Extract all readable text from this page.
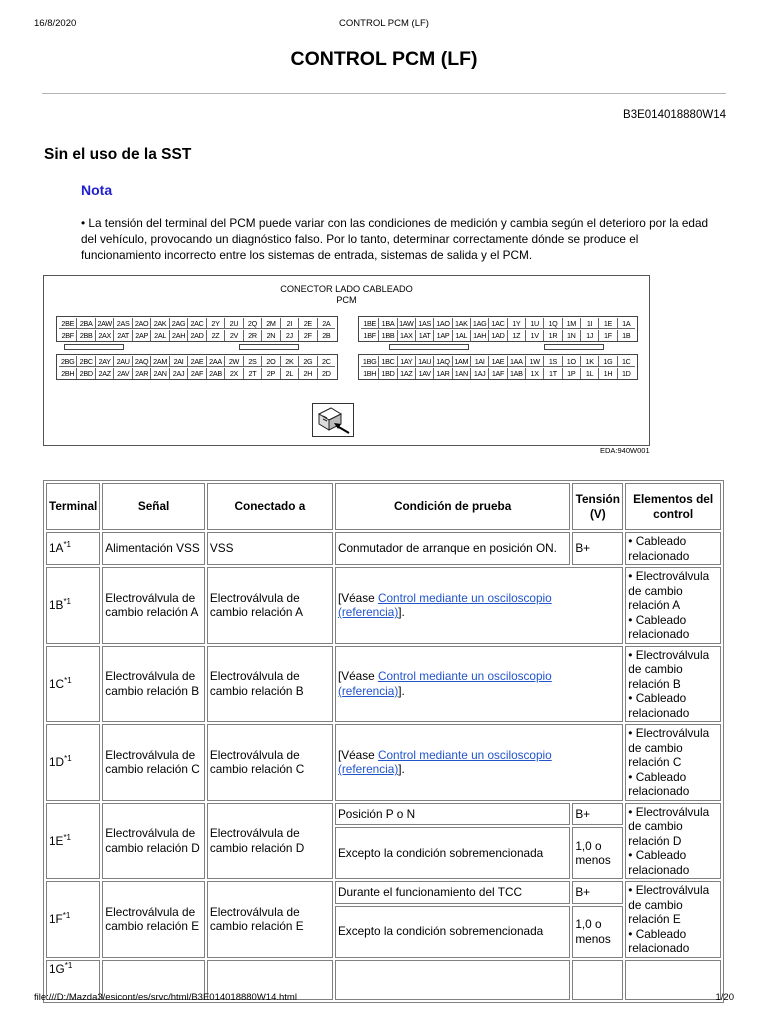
16/8/2020	CONTROL PCM (LF)
CONTROL PCM (LF)
B3E014018880W14
Sin el uso de la SST
Nota

• La tensión del terminal del PCM puede variar con las condiciones de medición y cambia según el deterioro por la edad del vehículo, provocando un diagnóstico falso. Por lo tanto, determinar correctamente dónde se produce el funcionamiento incorrecto entre los sistemas de entrada, sistemas de salida y el PCM.

CONECTOR LADO CABLEADO
PCM
2BE 2BA 2AW 2AS 2AO 2AK 2AG 2AC	2Y	2U	2Q	2M	2I	2E	2A
2BF 2BB 2AX 2AT 2AP 2AL 2AH 2AD	2Z	2V	2R	2N	2J	2F	2B
2BG 2BC 2AY 2AU 2AQ 2AM 2AI 2AE 2AA 2W	2S	2O	2K	2G	2C
2BH 2BD 2AZ 2AV 2AR 2AN 2AJ 2AF 2AB	2X	2T	2P	2L	2H	2D
1BE 1BA 1AW 1AS 1AO 1AK 1AG 1AC	1Y	1U	1Q	1M	1I	1E	1A
1BF 1BB 1AX 1AT 1AP 1AL 1AH 1AD	1Z	1V	1R	1N	1J	1F	1B
1BG 1BC 1AY 1AU 1AQ 1AM 1AI 1AE 1AA 1W	1S	1O	1K	1G	1C
1BH 1BD 1AZ 1AV 1AR 1AN 1AJ 1AF 1AB	1X	1T	1P	1L	1H	1D
EDA:940W001
Terminal	Señal	Conectado a	Condición de prueba	Tensión (V)	Elementos del control
$1A^{*1}$	Alimentación VSS	VSS	Conmutador de arranque en posición ON.	B+	• Cableado relacionado
$1B^{*1}$	Electroválvula de cambio relación A	Electroválvula de cambio relación A	[Véase Control mediante un osciloscopio (referencia)].		• Electroválvula de cambio relación A
• Cableado relacionado

$1C^{*1}$	Electroválvula de cambio relación B	Electroválvula de cambio relación B	[Véase Control mediante un osciloscopio (referencia)].		• Electroválvula de cambio relación B
• Cableado relacionado

$1D^{*1}$	Electroválvula de cambio relación C	Electroválvula de cambio relación C	[Véase Control mediante un osciloscopio (referencia)].		• Electroválvula de cambio relación C
• Cableado relacionado

$1E^{*1}$	Electroválvula de cambio relación D	Electroválvula de cambio relación D	Posición P o N	B+	• Electroválvula de cambio relación D
• Cableado relacionado

			Excepto la condición sobremencionada	1,0 o menos	
$1F^{*1}$	Electroválvula de cambio relación E	Electroválvula de cambio relación E	Durante el funcionamiento del TCC	B+	• Electroválvula de cambio relación E
• Cableado relacionado

			Excepto la condición sobremencionada	1,0 o menos	
$1G^{*1}$					
file:///D:/Mazda3/esicont/es/srvc/html/B3E014018880W14.html	1/20
